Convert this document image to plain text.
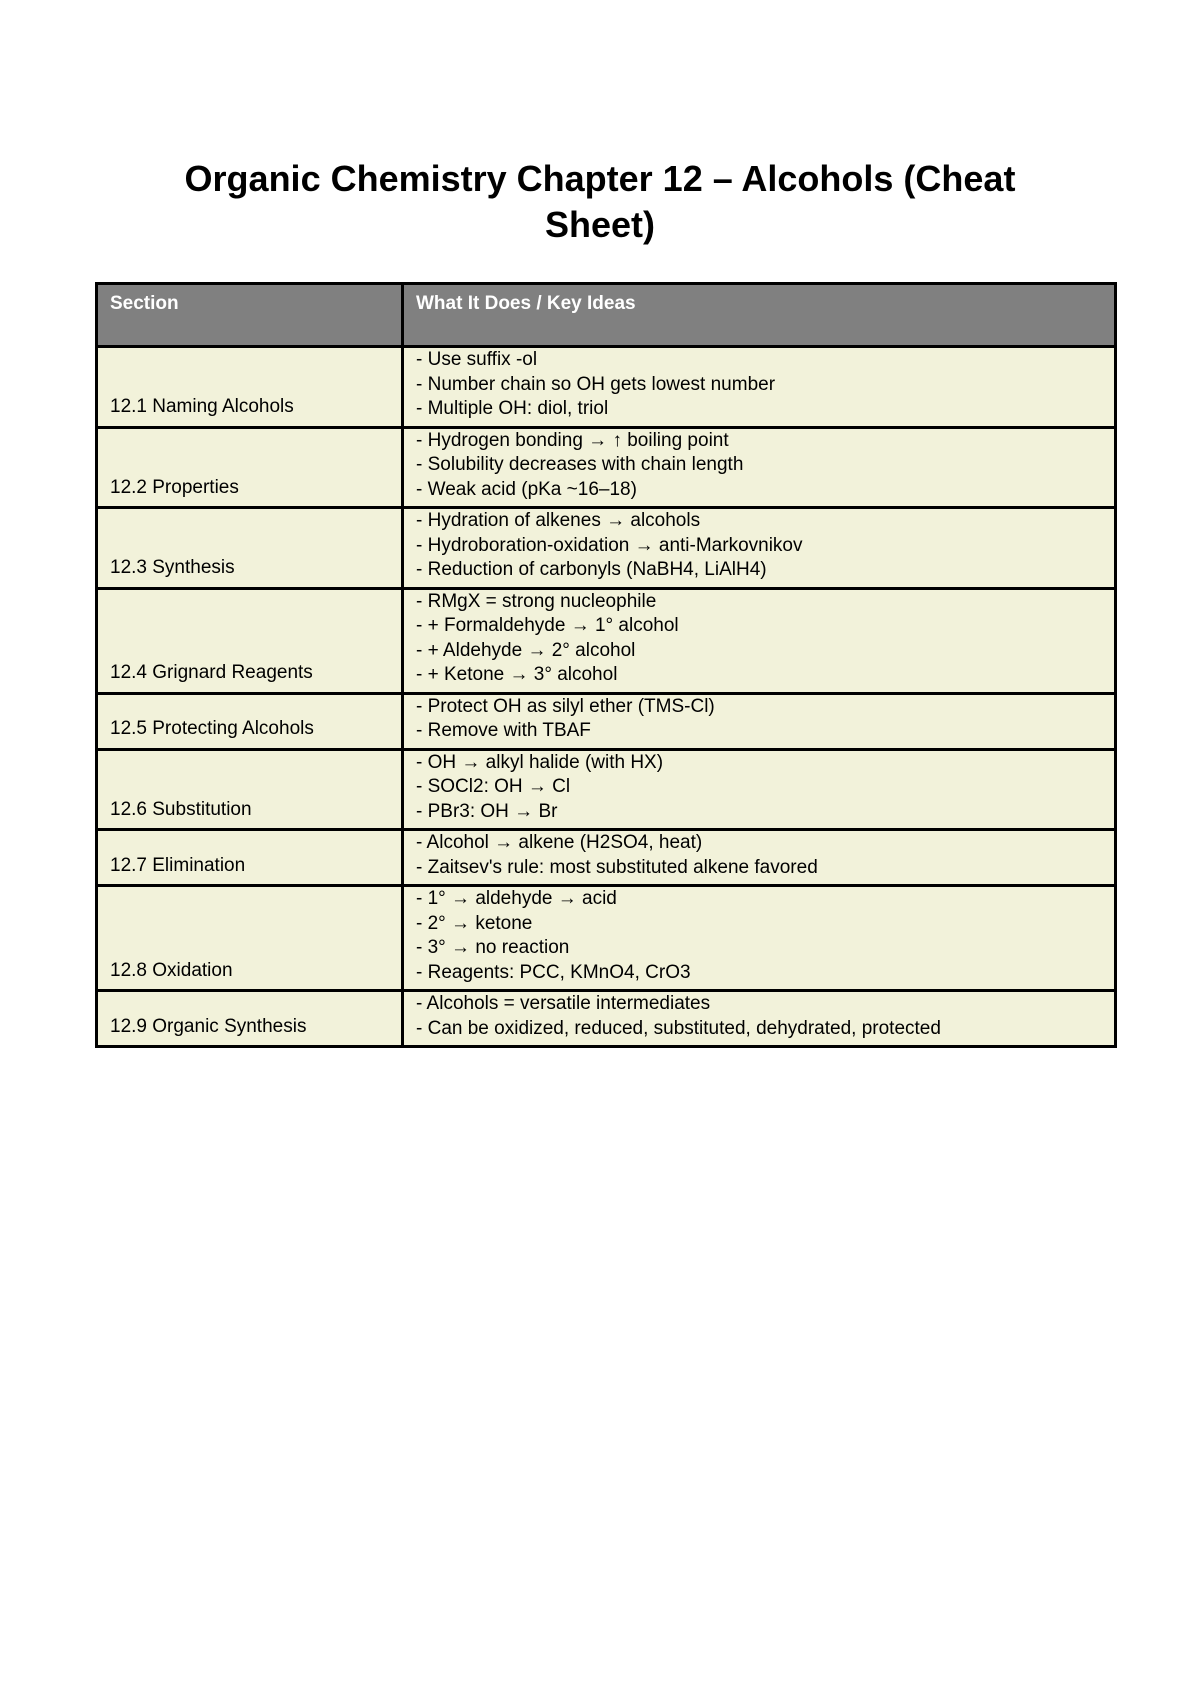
Organic Chemistry Chapter 12 – Alcohols (Cheat Sheet)
Section	What It Does / Key Ideas

12.1 Naming Alcohols	- Use suffix -ol
- Number chain so OH gets lowest number
- Multiple OH: diol, triol

12.2 Properties	- Hydrogen bonding → ↑ boiling point
- Solubility decreases with chain length
- Weak acid (pKa ~16–18)

12.3 Synthesis	- Hydration of alkenes → alcohols
- Hydroboration-oxidation → anti-Markovnikov
- Reduction of carbonyls (NaBH4, LiAlH4)

12.4 Grignard Reagents	- RMgX = strong nucleophile
- + Formaldehyde → 1° alcohol
- + Aldehyde → 2° alcohol
- + Ketone → 3° alcohol

12.5 Protecting Alcohols	- Protect OH as silyl ether (TMS-Cl)
- Remove with TBAF

12.6 Substitution	- OH → alkyl halide (with HX)
- SOCl2: OH → Cl
- PBr3: OH → Br

12.7 Elimination	- Alcohol → alkene (H2SO4, heat)
- Zaitsev's rule: most substituted alkene favored

12.8 Oxidation	- 1° → aldehyde → acid
- 2° → ketone
- 3° → no reaction
- Reagents: PCC, KMnO4, CrO3

12.9 Organic Synthesis	- Alcohols = versatile intermediates
- Can be oxidized, reduced, substituted, dehydrated, protected
